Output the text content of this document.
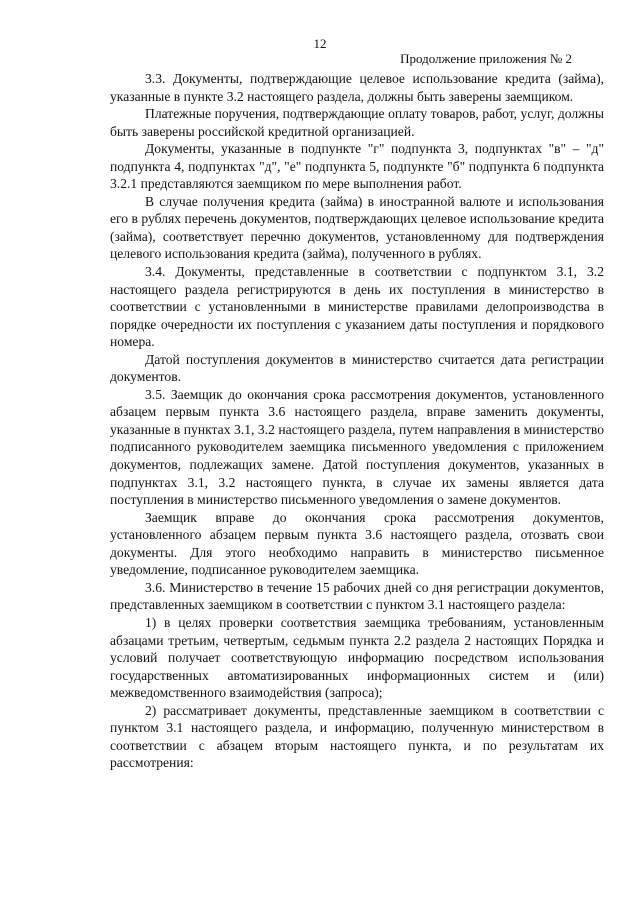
12
Продолжение приложения № 2

3.3. Документы, подтверждающие целевое использование кредита (займа), указанные в пункте 3.2 настоящего раздела, должны быть заверены заемщиком.

Платежные поручения, подтверждающие оплату товаров, работ, услуг, должны быть заверены российской кредитной организацией.

Документы, указанные в подпункте "г" подпункта 3, подпунктах "в" – "д" подпункта 4, подпунктах "д", "е" подпункта 5, подпункте "б" подпункта 6 подпункта 3.2.1 представляются заемщиком по мере выполнения работ.

В случае получения кредита (займа) в иностранной валюте и использования его в рублях перечень документов, подтверждающих целевое использование кредита (займа), соответствует перечню документов, установленному для подтверждения целевого использования кредита (займа), полученного в рублях.

3.4. Документы, представленные в соответствии с подпунктом 3.1, 3.2 настоящего раздела регистрируются в день их поступления в министерство в соответствии с установленными в министерстве правилами делопроизводства в порядке очередности их поступления с указанием даты поступления и порядкового номера.

Датой поступления документов в министерство считается дата регистрации документов.

3.5. Заемщик до окончания срока рассмотрения документов, установленного абзацем первым пункта 3.6 настоящего раздела, вправе заменить документы, указанные в пунктах 3.1, 3.2 настоящего раздела, путем направления в министерство подписанного руководителем заемщика письменного уведомления с приложением документов, подлежащих замене. Датой поступления документов, указанных в подпунктах 3.1, 3.2 настоящего пункта, в случае их замены является дата поступления в министерство письменного уведомления о замене документов.

Заемщик вправе до окончания срока рассмотрения документов, установленного абзацем первым пункта 3.6 настоящего раздела, отозвать свои документы. Для этого необходимо направить в министерство письменное уведомление, подписанное руководителем заемщика.

3.6. Министерство в течение 15 рабочих дней со дня регистрации документов, представленных заемщиком в соответствии с пунктом 3.1 настоящего раздела:

1) в целях проверки соответствия заемщика требованиям, установленным абзацами третьим, четвертым, седьмым пункта 2.2 раздела 2 настоящих Порядка и условий получает соответствующую информацию посредством использования государственных автоматизированных информационных систем и (или) межведомственного взаимодействия (запроса);

2) рассматривает документы, представленные заемщиком в соответствии с пунктом 3.1 настоящего раздела, и информацию, полученную министерством в соответствии с абзацем вторым настоящего пункта, и по результатам их рассмотрения:
